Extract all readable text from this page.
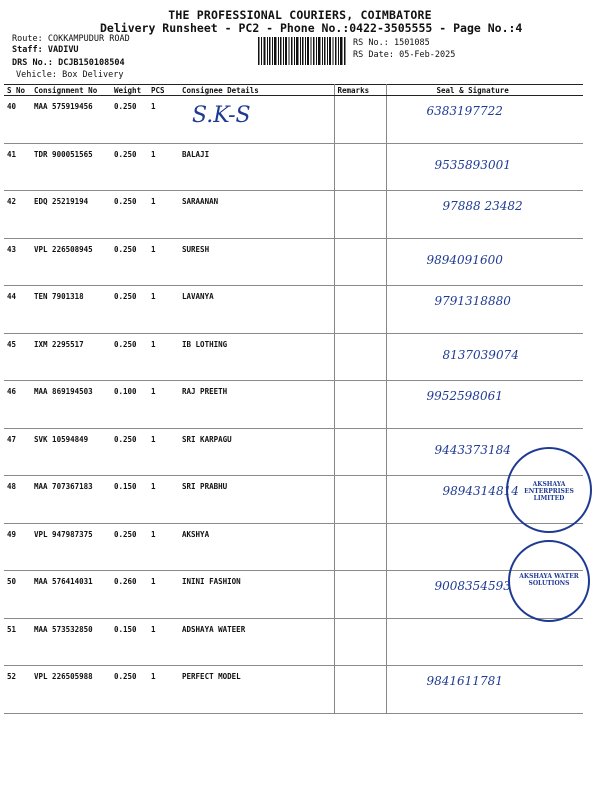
THE PROFESSIONAL COURIERS, COIMBATORE
Delivery Runsheet - PC2 - Phone No.:0422-3505555 - Page No.:4
Route: COKKAMPUDUR ROAD
Staff: VADIVU
DRS No.: DCJB150108504
Vehicle: Box Delivery
RS No.: 1501085
RS Date: 05-Feb-2025
S No	Consignment No	Weight	PCS	Consignee Details	Remarks	Seal & Signature
40	MAA 575919456	0.250	1	S.K-S		6383197722

41	TDR 900051565	0.250	1	BALAJI		9535893001

42	EDQ 25219194	0.250	1	SARAANAN		97888 23482

43	VPL 226508945	0.250	1	SURESH		9894091600

44	TEN 7901318	0.250	1	LAVANYA		9791318880

45	IXM 2295517	0.250	1	IB LOTHING		8137039074

46	MAA 869194503	0.100	1	RAJ PREETH		9952598061

47	SVK 10594849	0.250	1	SRI KARPAGU		9443373184

48	MAA 707367183	0.150	1	SRI PRABHU		9894314814

49	VPL 947987375	0.250	1	AKSHYA		

50	MAA 576414031	0.260	1	ININI FASHION		9008354593

51	MAA 573532850	0.150	1	ADSHAYA WATEER		

52	VPL 226505988	0.250	1	PERFECT MODEL		9841611781
AKSHAYA ENTERPRISES LIMITED
AKSHAYA WATER SOLUTIONS
